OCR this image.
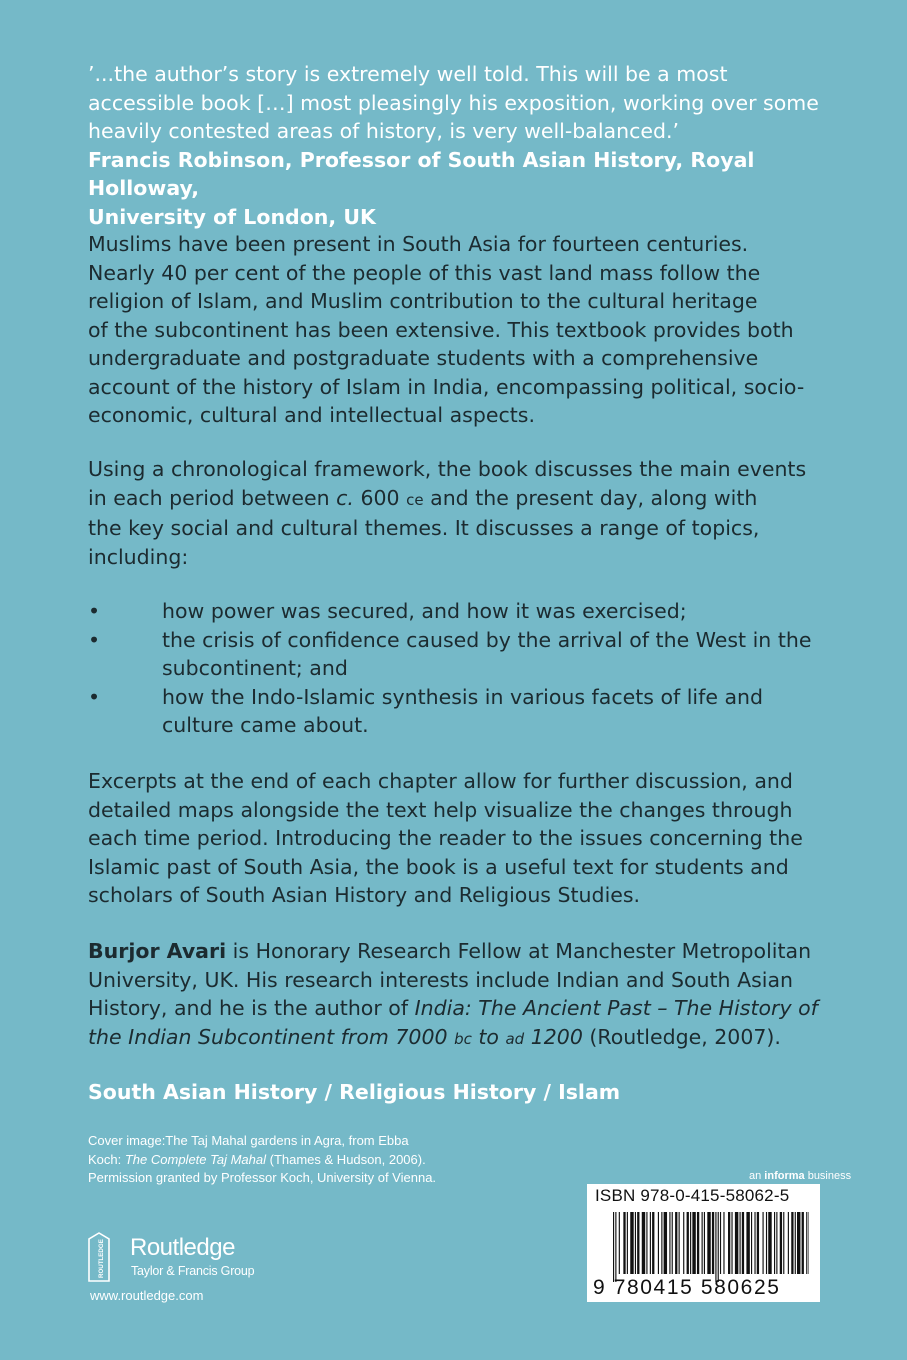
’...the author’s story is extremely well told. This will be a most

accessible book […] most pleasingly his exposition, working over some

heavily contested areas of history, is very well-balanced.’

Francis Robinson, Professor of South Asian History, Royal Holloway,

University of London, UK

Muslims have been present in South Asia for fourteen centuries.

Nearly 40 per cent of the people of this vast land mass follow the

religion of Islam, and Muslim contribution to the cultural heritage

of the subcontinent has been extensive. This textbook provides both

undergraduate and postgraduate students with a comprehensive

account of the history of Islam in India, encompassing political, socio-

economic, cultural and intellectual aspects.

Using a chronological framework, the book discusses the main events

in each period between c. 600 ce and the present day, along with

the key social and cultural themes. It discusses a range of topics,

including:

•	how power was secured, and how it was exercised;
•	the crisis of confidence caused by the arrival of the West in the
subcontinent; and
•	how the Indo-Islamic synthesis in various facets of life and
culture came about.

Excerpts at the end of each chapter allow for further discussion, and

detailed maps alongside the text help visualize the changes through

each time period. Introducing the reader to the issues concerning the

Islamic past of South Asia, the book is a useful text for students and

scholars of South Asian History and Religious Studies.

Burjor Avari is Honorary Research Fellow at Manchester Metropolitan

University, UK. His research interests include Indian and South Asian

History, and he is the author of India: The Ancient Past – The History of

the Indian Subcontinent from 7000 bc to ad 1200 (Routledge, 2007).

South Asian History / Religious History / Islam
Cover image:The Taj Mahal gardens in Agra, from Ebba
Koch: The Complete Taj Mahal (Thames & Hudson, 2006).
Permission granted by Professor Koch, University of Vienna.
ROUTLEDGE Routledge
Taylor & Francis Group
www.routledge.com
an informa business
ISBN 978-0-415-58062-5
9 780415 580625
